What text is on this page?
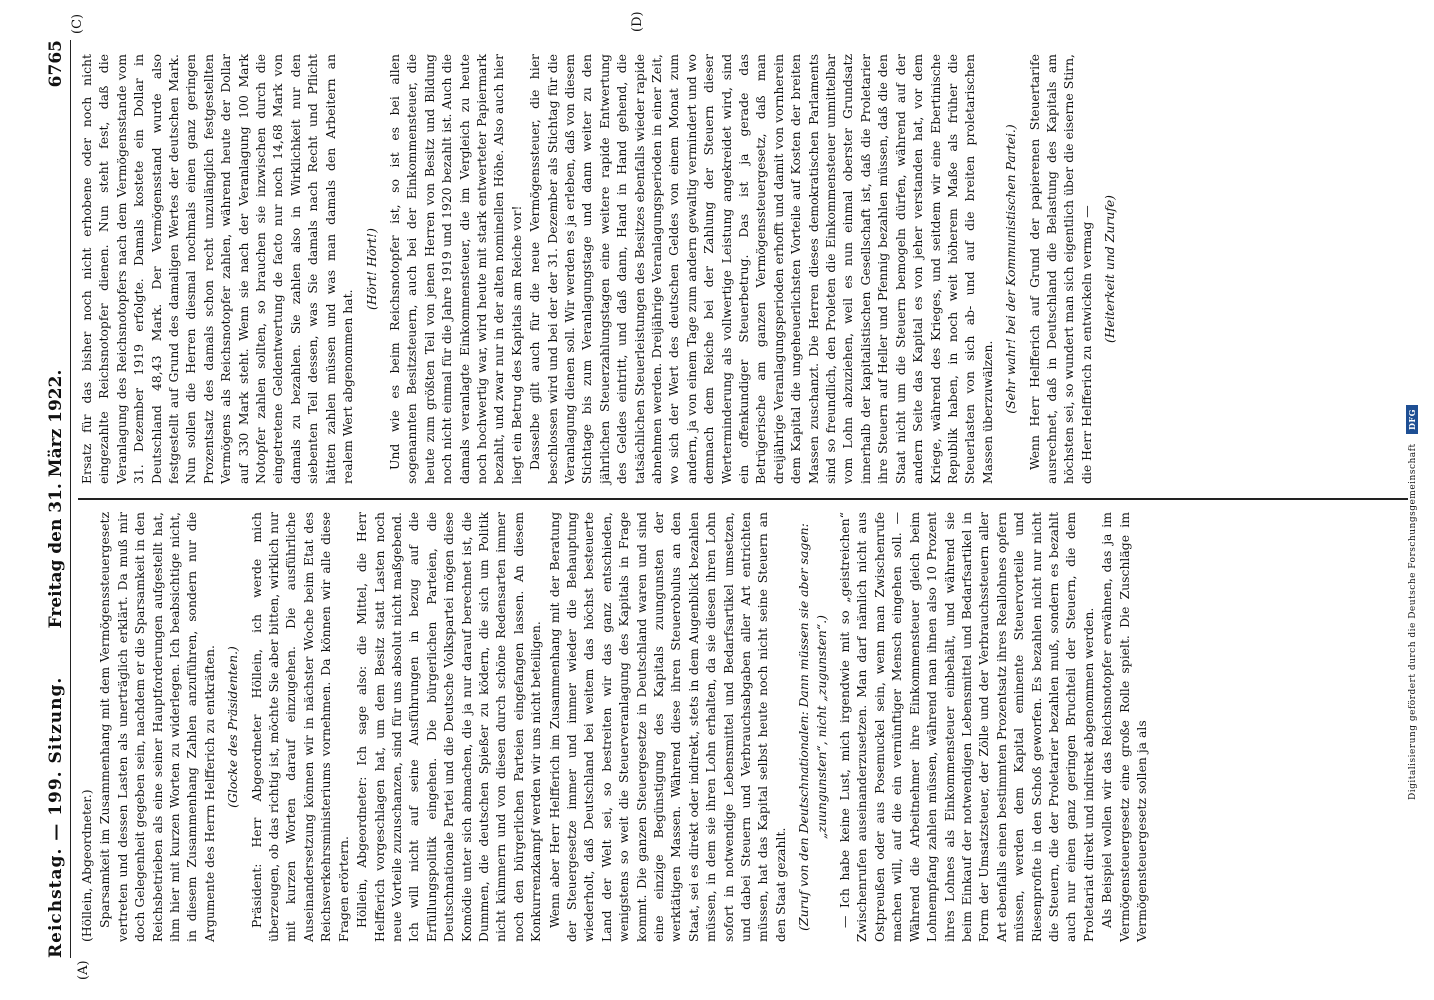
Reichstag. — 199. Sitzung.
Freitag den 31. März 1922.
6765
(A)
(C)	(D)

(Höllein, Abgeordneter.) Sparsamkeit im Zusammenhang mit dem Vermögenssteuergesetz vertreten und dessen Lasten als unerträglich erklärt. Da muß mir doch Gelegenheit gegeben sein, nachdem er die Sparsamkeit in den Reichsbetrieben als eine seiner Hauptforderungen aufgestellt hat, ihm hier mit kurzen Worten zu widerlegen. Ich beabsichtige nicht, in diesem Zusammenhang Zahlen anzuführen, sondern nur die Argumente des Herrn Helfferich zu entkräften. (Glocke des Präsidenten.) Präsident: Herr Abgeordneter Höllein, ich werde mich überzeugen, ob das richtig ist, möchte Sie aber bitten, wirklich nur mit kurzen Worten darauf einzugehen. Die ausführliche Auseinandersetzung können wir in nächster Woche beim Etat des Reichsverkehrsministeriums vornehmen. Da können wir alle diese Fragen erörtern. Höllein, Abgeordneter: Ich sage also: die Mittel, die Herr Helfferich vorgeschlagen hat, um dem Besitz statt Lasten noch neue Vorteile zuzuschanzen, sind für uns absolut nicht maßgebend. Ich will nicht auf seine Ausführungen in bezug auf die Erfüllungspolitik eingehen. Die bürgerlichen Parteien, die Deutschnationale Partei und die Deutsche Volkspartei mögen diese Komödie unter sich abmachen, die ja nur darauf berechnet ist, die Dummen, die deutschen Spießer zu ködern, die sich um Politik nicht kümmern und von diesen durch schöne Redensarten immer noch den bürgerlichen Parteien eingefangen lassen. An diesem Konkurrenzkampf werden wir uns nicht beteiligen. Wenn aber Herr Helfferich im Zusammenhang mit der Beratung der Steuergesetze immer und immer wieder die Behauptung wiederholt, daß Deutschland bei weitem das höchst besteuerte Land der Welt sei, so bestreiten wir das ganz entschieden, wenigstens so weit die Steuerveranlagung des Kapitals in Frage kommt. Die ganzen Steuergesetze in Deutschland waren und sind eine einzige Begünstigung des Kapitals zuungunsten der werktätigen Massen. Während diese ihren Steuerobulus an den Staat, sei es direkt oder indirekt, stets in dem Augenblick bezahlen müssen, in dem sie ihren Lohn erhalten, da sie diesen ihren Lohn sofort in notwendige Lebensmittel und Bedarfsartikel umsetzen, und dabei Steuern und Verbrauchsabgaben aller Art entrichten müssen, hat das Kapital selbst heute noch nicht seine Steuern an den Staat gezahlt. (Zuruf von den Deutschnationalen: Dann müssen sie aber sagen: „zuungunsten“, nicht „zugunsten“.) — Ich habe keine Lust, mich irgendwie mit so „geistreichen“ Zwischenrufen auseinanderzusetzen. Man darf nämlich nicht aus Ostpreußen oder aus Posemuckel sein, wenn man Zwischenrufe machen will, auf die ein vernünftiger Mensch eingehen soll. — Während die Arbeitnehmer ihre Einkommensteuer gleich beim Lohnempfang zahlen müssen, während man ihnen also 10 Prozent ihres Lohnes als Einkommensteuer einbehält, und während sie beim Einkauf der notwendigen Lebensmittel und Bedarfsartikel in Form der Umsatzsteuer, der Zölle und der Verbrauchssteuern aller Art ebenfalls einen bestimmten Prozentsatz ihres Reallohnes opfern müssen, werden dem Kapital eminente Steuervorteile und Riesenprofite in den Schoß geworfen. Es bezahlen nicht nur nicht die Steuern, die der Proletarier bezahlen muß, sondern es bezahlt auch nur einen ganz geringen Bruchteil der Steuern, die dem Proletariat direkt und indirekt abgenommen werden. Als Beispiel wollen wir das Reichsnotopfer erwähnen, das ja im Vermögensteuergesetz eine große Rolle spielt. Die Zuschläge im Vermögensteuergesetz sollen ja als

Ersatz für das bisher noch nicht erhobene oder noch nicht eingezahlte Reichsnotopfer dienen. Nun steht fest, daß die Veranlagung des Reichsnotopfers nach dem Vermögensstande vom 31. Dezember 1919 erfolgte. Damals kostete ein Dollar in Deutschland 48,43 Mark. Der Vermögensstand wurde also festgestellt auf Grund des damaligen Wertes der deutschen Mark. Nun sollen die Herren diesmal nochmals einen ganz geringen Prozentsatz des damals schon recht unzulänglich festgestellten Vermögens als Reichsnotopfer zahlen, während heute der Dollar auf 330 Mark steht. Wenn sie nach der Veranlagung 100 Mark Notopfer zahlen sollten, so brauchen sie inzwischen durch die eingetretene Geldentwertung de facto nur noch 14,68 Mark von damals zu bezahlen. Sie zahlen also in Wirklichkeit nur den siebenten Teil dessen, was Sie damals nach Recht und Pflicht hätten zahlen müssen und was man damals den Arbeitern an realem Wert abgenommen hat.

(Hört! Hört!) Und wie es beim Reichsnotopfer ist, so ist es bei allen sogenannten Besitzsteuern, auch bei der Einkommensteuer, die heute zum größten Teil von jenen Herren von Besitz und Bildung noch nicht einmal für die Jahre 1919 und 1920 bezahlt ist. Auch die damals veranlagte Einkommensteuer, die im Vergleich zu heute noch hochwertig war, wird heute mit stark entwerteter Papiermark bezahlt, und zwar nur in der alten nominellen Höhe. Also auch hier liegt ein Betrug des Kapitals am Reiche vor! Dasselbe gilt auch für die neue Vermögenssteuer, die hier beschlossen wird und bei der der 31. Dezember als Stichtag für die Veranlagung dienen soll. Wir werden es ja erleben, daß von diesem Stichtage bis zum Veranlagungstage und dann weiter zu den jährlichen Steuerzahlungstagen eine weitere rapide Entwertung des Geldes eintritt, und daß dann, Hand in Hand gehend, die tatsächlichen Steuerleistungen des Besitzes ebenfalls wieder rapide abnehmen werden. Dreijährige Veranlagungsperioden in einer Zeit, wo sich der Wert des deutschen Geldes von einem Monat zum andern, ja von einem Tage zum andern gewaltig vermindert und wo demnach dem Reiche bei der Zahlung der Steuern dieser Werterminderung als vollwertige Leistung angekreidet wird, sind ein offenkundiger Steuerbetrug. Das ist ja gerade das Betrügerische am ganzen Vermögenssteuergesetz, daß man dreijährige Veranlagungsperioden erhofft und damit von vornherein dem Kapital die ungeheuerlichsten Vorteile auf Kosten der breiten Massen zuschanzt. Die Herren dieses demokratischen Parlaments sind so freundlich, den Proleten die Einkommensteuer unmittelbar vom Lohn abzuziehen, weil es nun einmal oberster Grundsatz innerhalb der kapitalistischen Gesellschaft ist, daß die Proletarier ihre Steuern auf Heller und Pfennig bezahlen müssen, daß die den Staat nicht um die Steuern bemogeln dürfen, während auf der andern Seite das Kapital es von jeher verstanden hat, vor dem Kriege, während des Krieges, und seitdem wir eine Ebertinische Republik haben, in noch weit höherem Maße als früher die Steuerlasten von sich ab- und auf die breiten proletarischen Massen überzuwälzen. (Sehr wahr! bei der Kommunistischen Partei.) Wenn Herr Helfferich auf Grund der papierenen Steuertarife ausrechnet, daß in Deutschland die Belastung des Kapitals am höchsten sei, so wundert man sich eigentlich über die eiserne Stirn, die Herr Helfferich zu entwickeln vermag — (Heiterkeit und Zurufe)

Digitalisierung gefördert durch die Deutsche Forschungsgemeinschaft DFG
